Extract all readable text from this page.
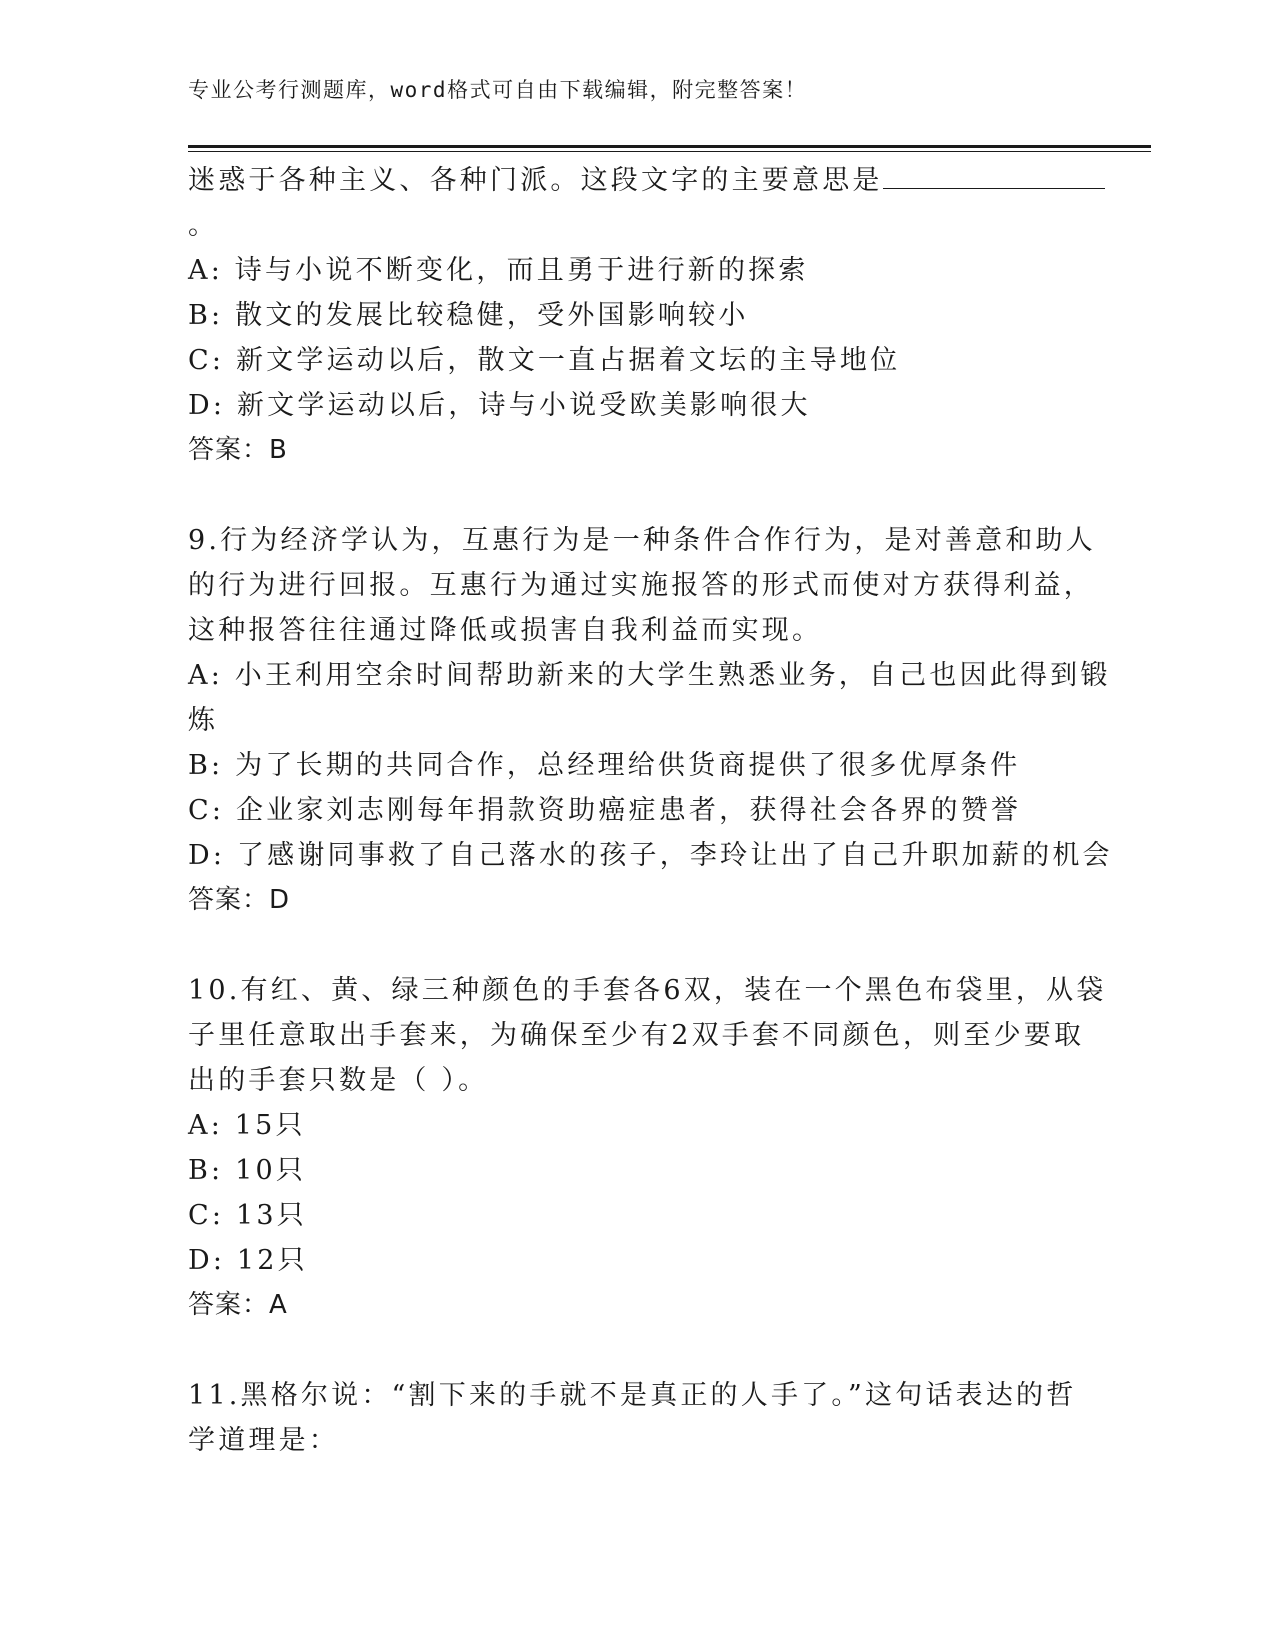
专业公考行测题库，word格式可自由下载编辑，附完整答案！
迷惑于各种主义、各种门派。这段文字的主要意思是
。
A: 诗与小说不断变化，而且勇于进行新的探索
B: 散文的发展比较稳健，受外国影响较小
C: 新文学运动以后，散文一直占据着文坛的主导地位
D: 新文学运动以后，诗与小说受欧美影响很大
答案：B
9.行为经济学认为，互惠行为是一种条件合作行为，是对善意和助人
的行为进行回报。互惠行为通过实施报答的形式而使对方获得利益，
这种报答往往通过降低或损害自我利益而实现。
A: 小王利用空余时间帮助新来的大学生熟悉业务，自己也因此得到锻
炼
B: 为了长期的共同合作，总经理给供货商提供了很多优厚条件
C: 企业家刘志刚每年捐款资助癌症患者，获得社会各界的赞誉
D: 了感谢同事救了自己落水的孩子，李玲让出了自己升职加薪的机会
答案：D
10.有红、黄、绿三种颜色的手套各6双，装在一个黑色布袋里，从袋
子里任意取出手套来，为确保至少有2双手套不同颜色，则至少要取
出的手套只数是（ ）。
A: 15只
B: 10只
C: 13只
D: 12只
答案：A
11.黑格尔说：“割下来的手就不是真正的人手了。”这句话表达的哲
学道理是：
